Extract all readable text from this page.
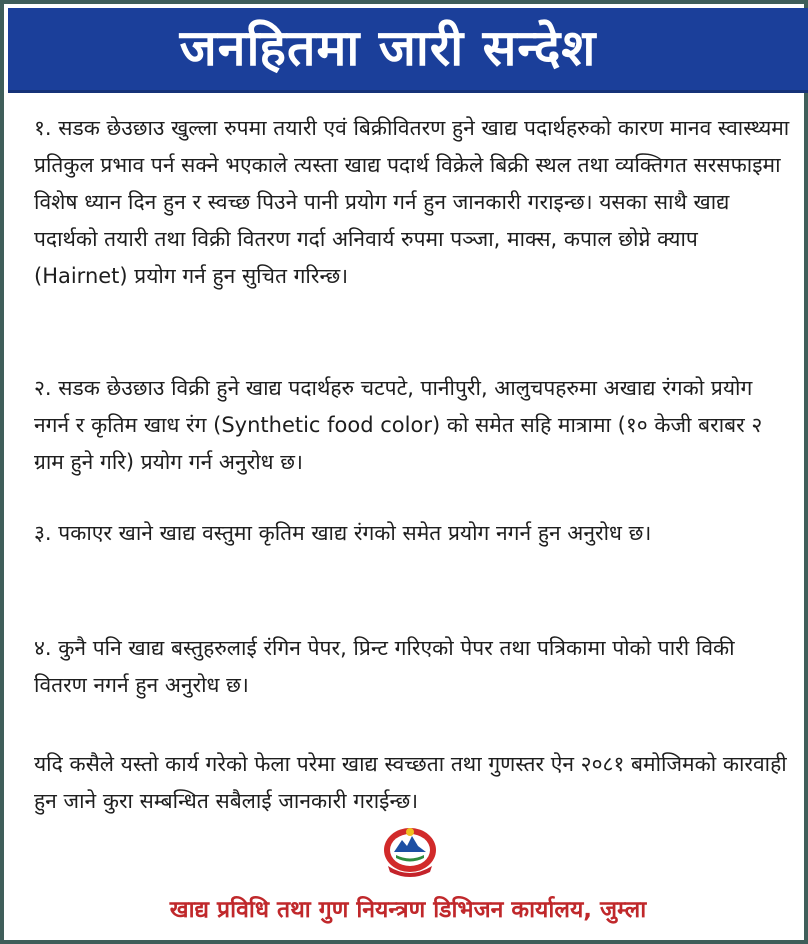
जनहितमा जारी सन्देश

१. सडक छेउछाउ खुल्ला रुपमा तयारी एवं बिक्रीवितरण हुने खाद्य पदार्थहरुको कारण मानव स्वास्थ्यमा प्रतिकुल प्रभाव पर्न सक्ने भएकाले त्यस्ता खाद्य पदार्थ विक्रेले बिक्री स्थल तथा व्यक्तिगत सरसफाइमा विशेष ध्यान दिन हुन र स्वच्छ पिउने पानी प्रयोग गर्न हुन जानकारी गराइन्छ। यसका साथै खाद्य पदार्थको तयारी तथा विक्री वितरण गर्दा अनिवार्य रुपमा पञ्जा, माक्स, कपाल छोप्ने क्याप (Hairnet) प्रयोग गर्न हुन सुचित गरिन्छ।

२. सडक छेउछाउ विक्री हुने खाद्य पदार्थहरु चटपटे, पानीपुरी, आलुचपहरुमा अखाद्य रंगको प्रयोग नगर्न र कृतिम खाध रंग (Synthetic food color) को समेत सहि मात्रामा (१० केजी बराबर २ ग्राम हुने गरि) प्रयोग गर्न अनुरोध छ।

३. पकाएर खाने खाद्य वस्तुमा कृतिम खाद्य रंगको समेत प्रयोग नगर्न हुन अनुरोध छ।

४. कुनै पनि खाद्य बस्तुहरुलाई रंगिन पेपर, प्रिन्ट गरिएको पेपर तथा पत्रिकामा पोको पारी विकी वितरण नगर्न हुन अनुरोध छ।

यदि कसैले यस्तो कार्य गरेको फेला परेमा खाद्य स्वच्छता तथा गुणस्तर ऐन २०८१ बमोजिमको कारवाही हुन जाने कुरा सम्बन्धित सबैलाई जानकारी गराईन्छ।

खाद्य प्रविधि तथा गुण नियन्त्रण डिभिजन कार्यालय, जुम्ला
